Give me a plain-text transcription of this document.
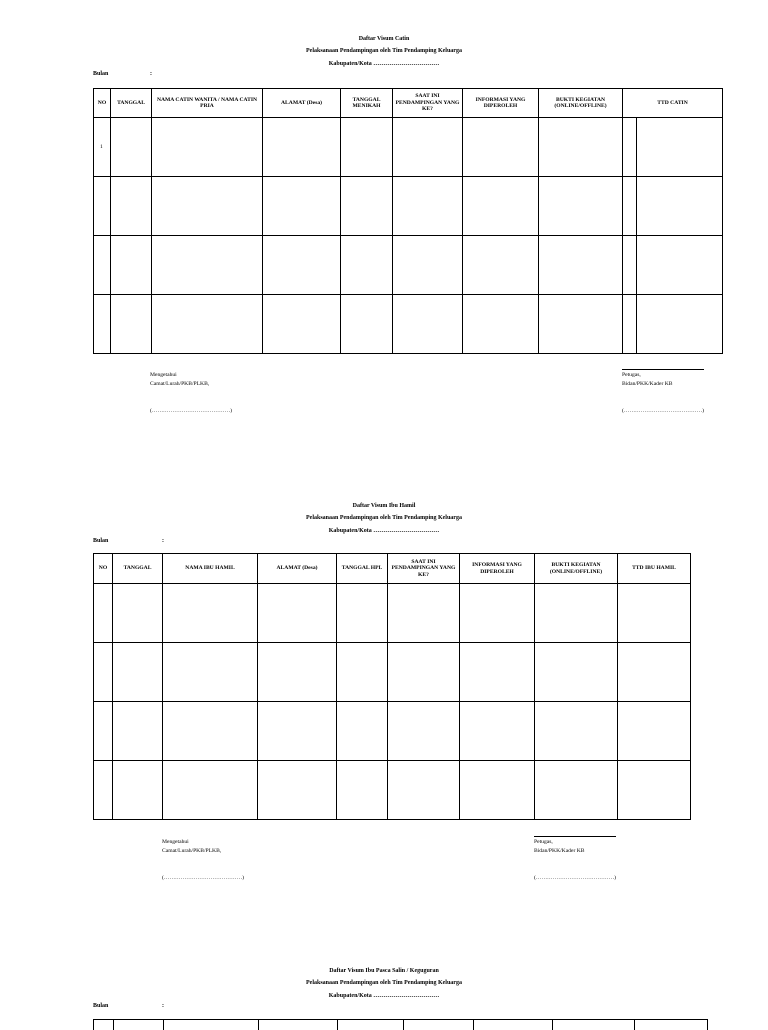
Daftar Visum Catin
Pelaksanaan Pendampingan oleh Tim Pendamping Keluarga
Kabupaten/Kota ……………………………
Bulan	:
NO	TANGGAL	NAMA CATIN WANITA / NAMA CATIN PRIA	ALAMAT (Desa)	TANGGAL MENIKAH	SAAT INI PENDAMPINGAN YANG KE?	INFORMASI YANG DIPEROLEH	BUKTI KEGIATAN (ONLINE/OFFLINE)	TTD CATIN	
1									

Mengetahui
Camat/Lurah/PKB/PLKB,
(……………………………………)
Petugas,
Bidan/PKK/Kader KB
(……………………………………)
Daftar Visum Ibu Hamil
Pelaksanaan Pendampingan oleh Tim Pendamping Keluarga
Kabupaten/Kota ……………………………
Bulan	:
NO	TANGGAL	NAMA IBU HAMIL	ALAMAT (Desa)	TANGGAL HPL	SAAT INI PENDAMPINGAN YANG KE?	INFORMASI YANG DIPEROLEH	BUKTI KEGIATAN (ONLINE/OFFLINE)	TTD IBU HAMIL

Mengetahui
Camat/Lurah/PKB/PLKB,
(……………………………………)
Petugas,
Bidan/PKK/Kader KB
(……………………………………)
Daftar Visum Ibu Pasca Salin / Keguguran
Pelaksanaan Pendampingan oleh Tim Pendamping Keluarga
Kabupaten/Kota ……………………………
Bulan	:
